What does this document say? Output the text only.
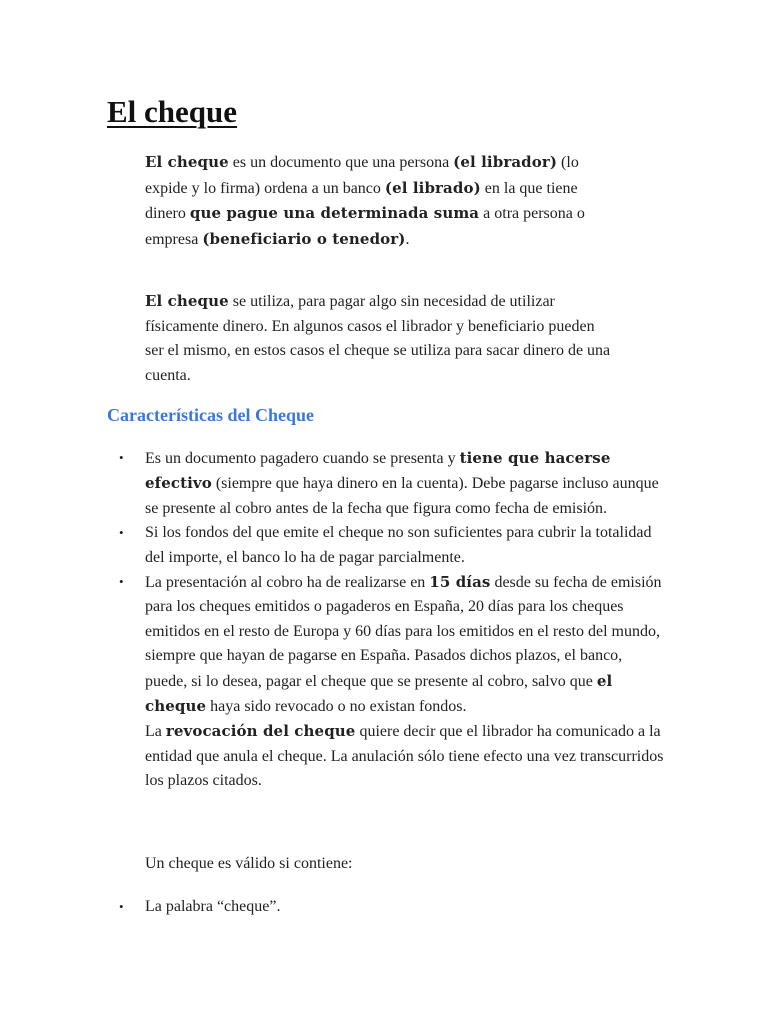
El cheque

El cheque es un documento que una persona (el librador) (lo expide y lo firma) ordena a un banco (el librado) en la que tiene dinero que pague una determinada suma a otra persona o empresa (beneficiario o tenedor).

El cheque se utiliza, para pagar algo sin necesidad de utilizar físicamente dinero. En algunos casos el librador y beneficiario pueden ser el mismo, en estos casos el cheque se utiliza para sacar dinero de una cuenta.

Características del Cheque
• Es un documento pagadero cuando se presenta y tiene que hacerse efectivo (siempre que haya dinero en la cuenta). Debe pagarse incluso aunque se presente al cobro antes de la fecha que figura como fecha de emisión.
• Si los fondos del que emite el cheque no son suficientes para cubrir la totalidad del importe, el banco lo ha de pagar parcialmente.
• La presentación al cobro ha de realizarse en 15 días desde su fecha de emisión para los cheques emitidos o pagaderos en España, 20 días para los cheques emitidos en el resto de Europa y 60 días para los emitidos en el resto del mundo, siempre que hayan de pagarse en España. Pasados dichos plazos, el banco, puede, si lo desea, pagar el cheque que se presente al cobro, salvo que el cheque haya sido revocado o no existan fondos.
La revocación del cheque quiere decir que el librador ha comunicado a la entidad que anula el cheque. La anulación sólo tiene efecto una vez transcurridos los plazos citados.

Un cheque es válido si contiene:

• La palabra “cheque”.
